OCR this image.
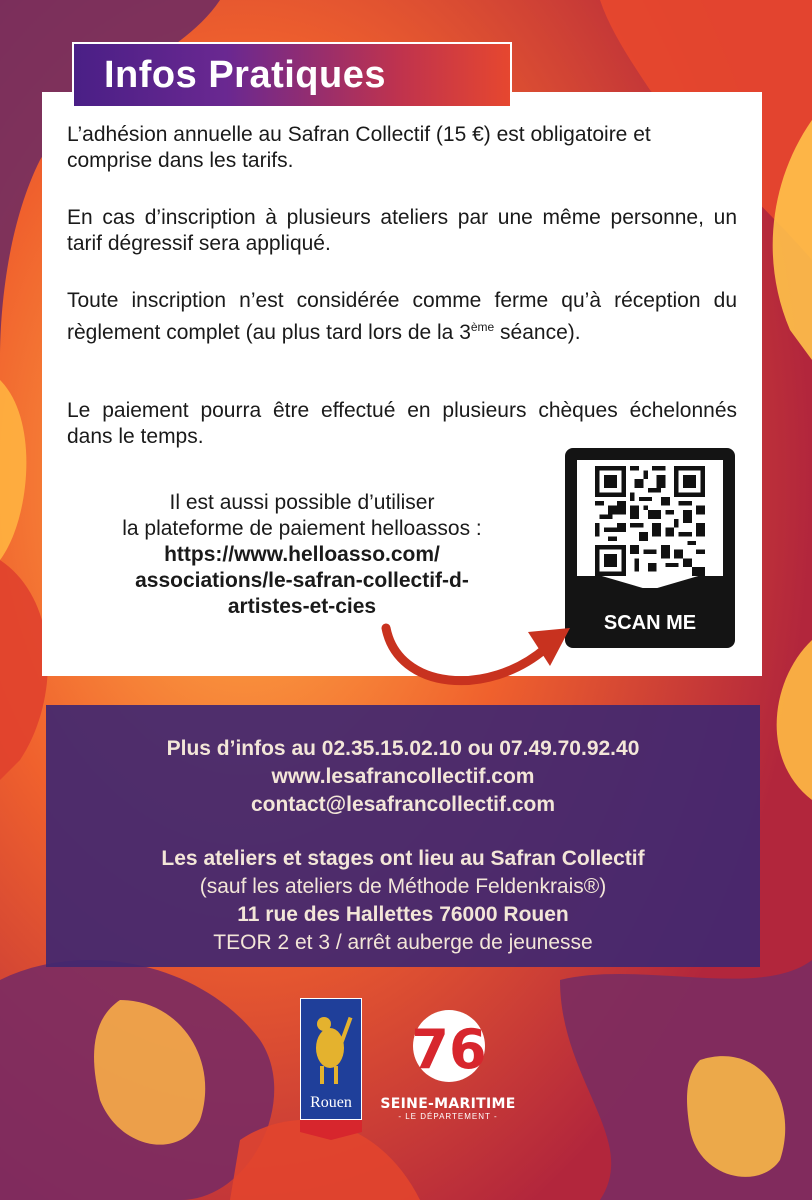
Infos Pratiques

L’adhésion annuelle au Safran Collectif (15 €) est obligatoire et comprise dans les tarifs.

En cas d’inscription à plusieurs ateliers par une même personne, un tarif dégressif sera appliqué.

Toute inscription n’est considérée comme ferme qu’à réception du règlement complet (au plus tard lors de la 3ème séance).

Le paiement pourra être effectué en plusieurs chèques échelonnés dans le temps.

Il est aussi possible d’utiliser
la plateforme de paiement helloassos :
https://www.helloasso.com/
associations/le-safran-collectif-d-
artistes-et-cies
SCAN ME
Plus d’infos au 02.35.15.02.10 ou 07.49.70.92.40
www.lesafrancollectif.com
contact@lesafrancollectif.com
Les ateliers et stages ont lieu au Safran Collectif
(sauf les ateliers de Méthode Feldenkrais®)
11 rue des Hallettes 76000 Rouen
TEOR 2 et 3 / arrêt auberge de jeunesse
Rouen
76
SEINE-MARITIME
- LE DÉPARTEMENT -
